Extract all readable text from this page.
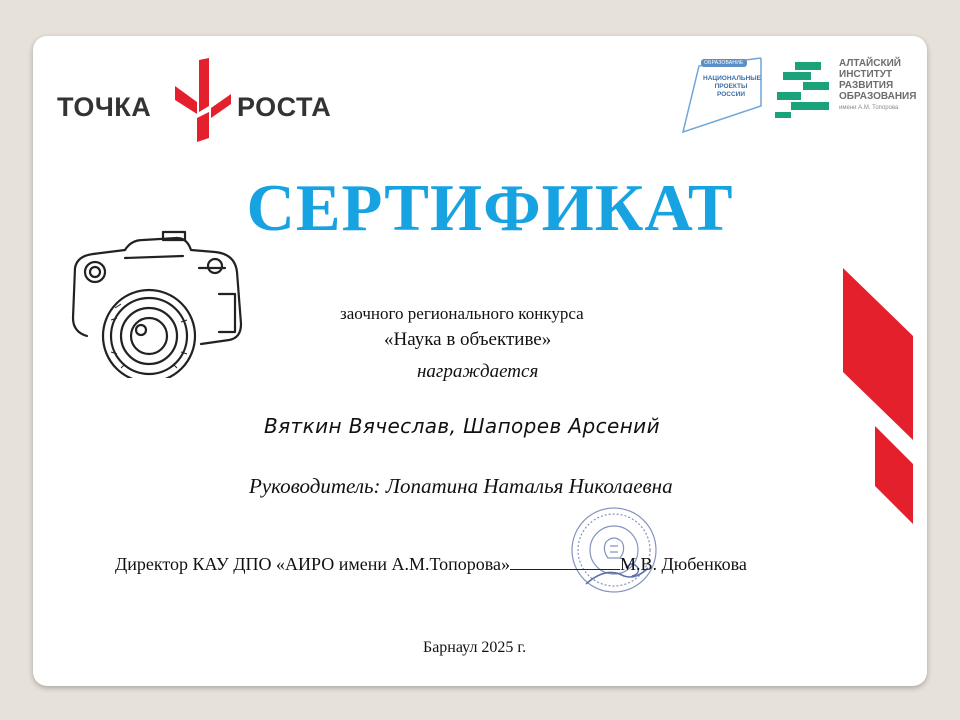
ТОЧКА	РОСТА
ОБРАЗОВАНИЕ
НАЦИОНАЛЬНЫЕ ПРОЕКТЫ РОССИИ
АЛТАЙСКИЙ
ИНСТИТУТ
РАЗВИТИЯ
ОБРАЗОВАНИЯ
имени А.М. Топорова
СЕРТИФИКАТ
заочного регионального конкурса
«Наука в объективе»
награждается
Вяткин Вячеслав, Шапорев Арсений
Руководитель: Лопатина Наталья Николаевна
Директор КАУ ДПО «АИРО имени А.М.Топорова»	М.В. Дюбенкова
Барнаул 2025 г.
